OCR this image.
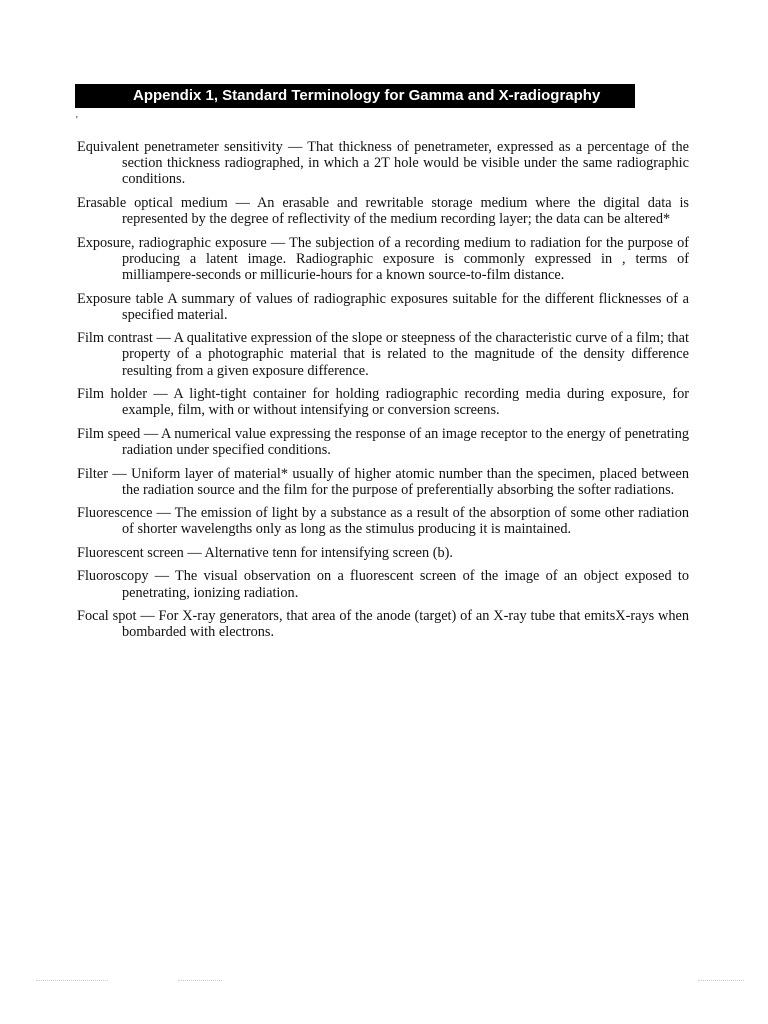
Appendix 1, Standard Terminology for Gamma and X-radiography
'

Equivalent penetrameter sensitivity — That thickness of penetrameter, expressed as a percentage of the section thickness radiographed, in which a 2T hole would be visible under the same radiographic conditions.

Erasable optical medium — An erasable and rewritable storage medium where the digital data is represented by the degree of reflectivity of the medium recording layer; the data can be altered*

Exposure, radiographic exposure — The subjection of a recording medium to radiation for the purpose of producing a latent image. Radiographic exposure is commonly expressed in , terms of milliampere-seconds or millicurie-hours for a known source-to-film distance.

Exposure table A summary of values of radiographic exposures suitable for the different flicknesses of a specified material.

Film contrast — A qualitative expression of the slope or steepness of the characteristic curve of a film; that property of a photographic material that is related to the magnitude of the density difference resulting from a given exposure difference.

Film holder — A light-tight container for holding radiographic recording media during exposure, for example, film, with or without intensifying or conversion screens.

Film speed — A numerical value expressing the response of an image receptor to the energy of penetrating radiation under specified conditions.

Filter — Uniform layer of material* usually of higher atomic number than the specimen, placed between the radiation source and the film for the purpose of preferentially absorbing the softer radiations.

Fluorescence — The emission of light by a substance as a result of the absorption of some other radiation of shorter wavelengths only as long as the stimulus producing it is maintained.

Fluorescent screen — Alternative tenn for intensifying screen (b).

Fluoroscopy — The visual observation on a fluorescent screen of the image of an object exposed to penetrating, ionizing radiation.

Focal spot — For X-ray generators, that area of the anode (target) of an X-ray tube that emitsX-rays when bombarded with electrons.
